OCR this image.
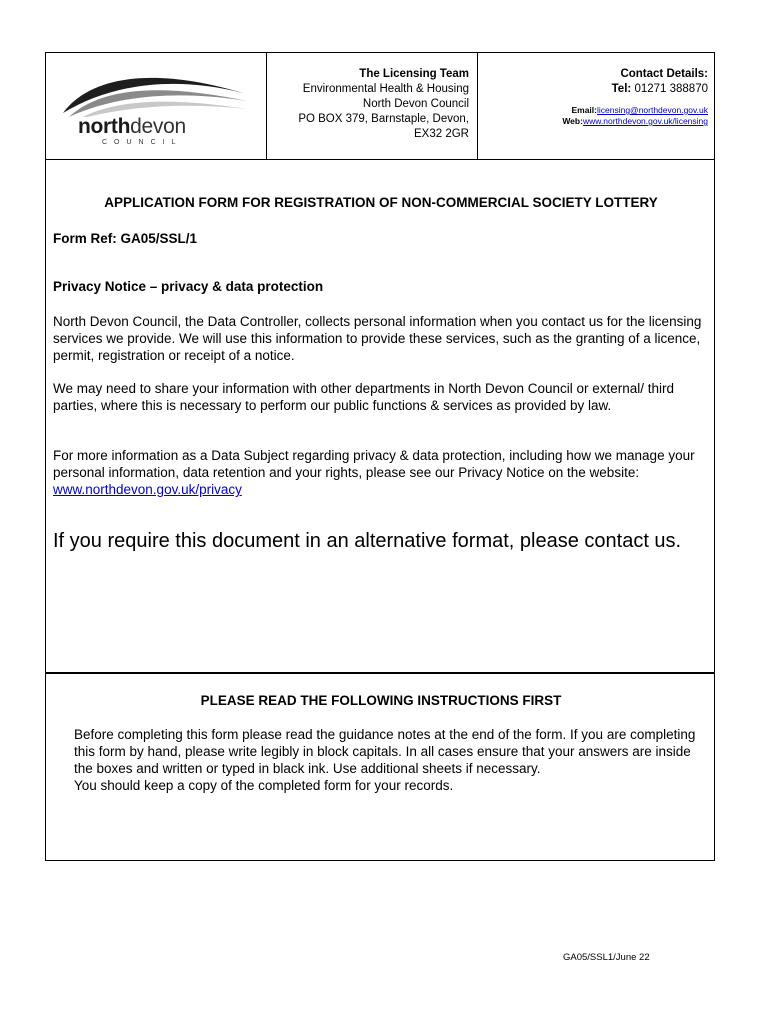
northdevon
COUNCIL
The Licensing Team
Environmental Health & Housing
North Devon Council
PO BOX 379, Barnstaple, Devon,
EX32 2GR
Contact Details:
Tel: 01271 388870
Email:licensing@northdevon.gov.uk
Web:www.northdevon.gov.uk/licensing
APPLICATION FORM FOR REGISTRATION OF NON-COMMERCIAL SOCIETY LOTTERY
Form Ref: GA05/SSL/1
Privacy Notice – privacy & data protection
North Devon Council, the Data Controller, collects personal information when you contact us for the licensing services we provide. We will use this information to provide these services, such as the granting of a licence, permit, registration or receipt of a notice.
We may need to share your information with other departments in North Devon Council or external/ third parties, where this is necessary to perform our public functions & services as provided by law.
For more information as a Data Subject regarding privacy & data protection, including how we manage your personal information, data retention and your rights, please see our Privacy Notice on the website: www.northdevon.gov.uk/privacy
If you require this document in an alternative format, please contact us.
PLEASE READ THE FOLLOWING INSTRUCTIONS FIRST
Before completing this form please read the guidance notes at the end of the form. If you are completing this form by hand, please write legibly in block capitals. In all cases ensure that your answers are inside the boxes and written or typed in black ink. Use additional sheets if necessary.
You should keep a copy of the completed form for your records.
GA05/SSL1/June 22
